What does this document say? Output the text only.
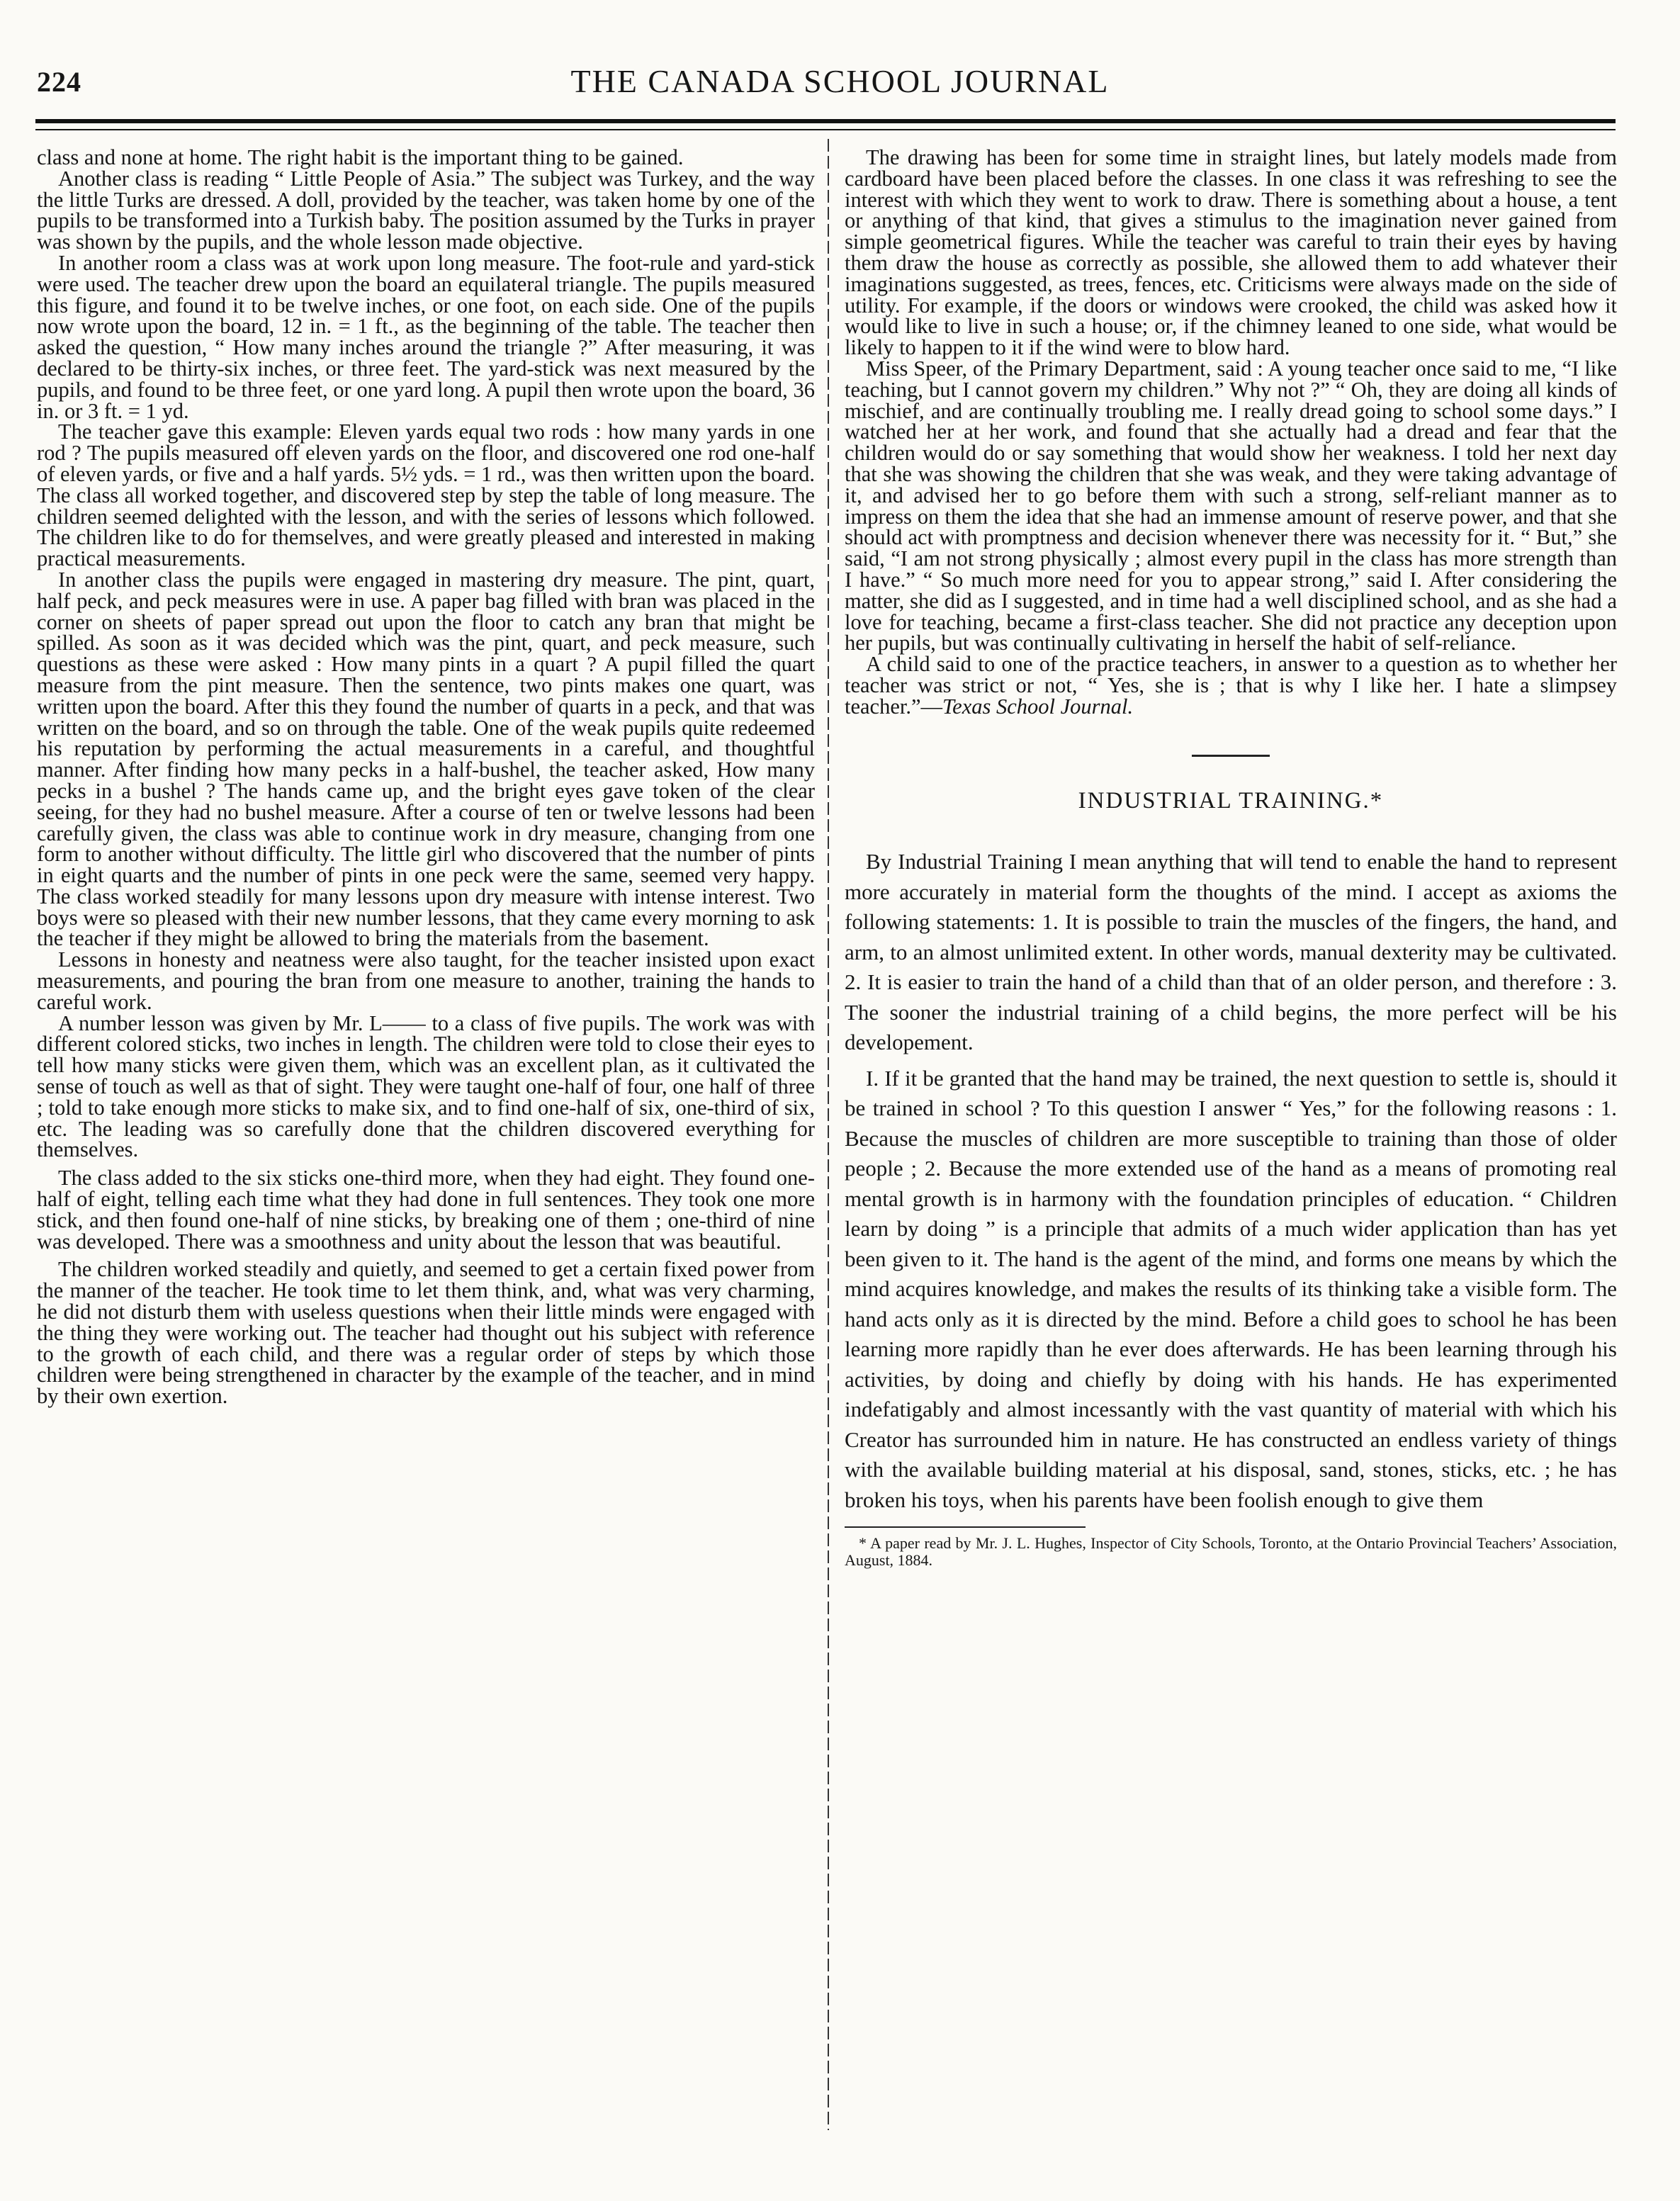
224	THE CANADA SCHOOL JOURNAL

class and none at home. The right habit is the important thing to be gained.

Another class is reading “ Little People of Asia.” The subject was Turkey, and the way the little Turks are dressed. A doll, provided by the teacher, was taken home by one of the pupils to be transformed into a Turkish baby. The position assumed by the Turks in prayer was shown by the pupils, and the whole lesson made objective.

In another room a class was at work upon long measure. The foot-rule and yard-stick were used. The teacher drew upon the board an equilateral triangle. The pupils measured this figure, and found it to be twelve inches, or one foot, on each side. One of the pupils now wrote upon the board, 12 in. = 1 ft., as the beginning of the table. The teacher then asked the question, “ How many inches around the triangle ?” After measuring, it was declared to be thirty-six inches, or three feet. The yard-stick was next measured by the pupils, and found to be three feet, or one yard long. A pupil then wrote upon the board, 36 in. or 3 ft. = 1 yd.

The teacher gave this example: Eleven yards equal two rods : how many yards in one rod ? The pupils measured off eleven yards on the floor, and discovered one rod one-half of eleven yards, or five and a half yards. 5½ yds. = 1 rd., was then written upon the board. The class all worked together, and discovered step by step the table of long measure. The children seemed delighted with the lesson, and with the series of lessons which followed. The children like to do for themselves, and were greatly pleased and interested in making practical measurements.

In another class the pupils were engaged in mastering dry measure. The pint, quart, half peck, and peck measures were in use. A paper bag filled with bran was placed in the corner on sheets of paper spread out upon the floor to catch any bran that might be spilled. As soon as it was decided which was the pint, quart, and peck measure, such questions as these were asked : How many pints in a quart ? A pupil filled the quart measure from the pint measure. Then the sentence, two pints makes one quart, was written upon the board. After this they found the number of quarts in a peck, and that was written on the board, and so on through the table. One of the weak pupils quite redeemed his reputation by performing the actual measurements in a careful, and thoughtful manner. After finding how many pecks in a half-bushel, the teacher asked, How many pecks in a bushel ? The hands came up, and the bright eyes gave token of the clear seeing, for they had no bushel measure. After a course of ten or twelve lessons had been carefully given, the class was able to continue work in dry measure, changing from one form to another without difficulty. The little girl who discovered that the number of pints in eight quarts and the number of pints in one peck were the same, seemed very happy. The class worked steadily for many lessons upon dry measure with intense interest. Two boys were so pleased with their new number lessons, that they came every morning to ask the teacher if they might be allowed to bring the materials from the basement.

Lessons in honesty and neatness were also taught, for the teacher insisted upon exact measurements, and pouring the bran from one measure to another, training the hands to careful work.

A number lesson was given by Mr. L—— to a class of five pupils. The work was with different colored sticks, two inches in length. The children were told to close their eyes to tell how many sticks were given them, which was an excellent plan, as it cultivated the sense of touch as well as that of sight. They were taught one-half of four, one half of three ; told to take enough more sticks to make six, and to find one-half of six, one-third of six, etc. The leading was so carefully done that the children discovered everything for themselves.

The class added to the six sticks one-third more, when they had eight. They found one-half of eight, telling each time what they had done in full sentences. They took one more stick, and then found one-half of nine sticks, by breaking one of them ; one-third of nine was developed. There was a smoothness and unity about the lesson that was beautiful.

The children worked steadily and quietly, and seemed to get a certain fixed power from the manner of the teacher. He took time to let them think, and, what was very charming, he did not disturb them with useless questions when their little minds were engaged with the thing they were working out. The teacher had thought out his subject with reference to the growth of each child, and there was a regular order of steps by which those children were being strengthened in character by the example of the teacher, and in mind by their own exertion.

The drawing has been for some time in straight lines, but lately models made from cardboard have been placed before the classes. In one class it was refreshing to see the interest with which they went to work to draw. There is something about a house, a tent or anything of that kind, that gives a stimulus to the imagination never gained from simple geometrical figures. While the teacher was careful to train their eyes by having them draw the house as correctly as possible, she allowed them to add whatever their imaginations suggested, as trees, fences, etc. Criticisms were always made on the side of utility. For example, if the doors or windows were crooked, the child was asked how it would like to live in such a house; or, if the chimney leaned to one side, what would be likely to happen to it if the wind were to blow hard.

Miss Speer, of the Primary Department, said : A young teacher once said to me, “I like teaching, but I cannot govern my children.” Why not ?” “ Oh, they are doing all kinds of mischief, and are continually troubling me. I really dread going to school some days.” I watched her at her work, and found that she actually had a dread and fear that the children would do or say something that would show her weakness. I told her next day that she was showing the children that she was weak, and they were taking advantage of it, and advised her to go before them with such a strong, self-reliant manner as to impress on them the idea that she had an immense amount of reserve power, and that she should act with promptness and decision whenever there was necessity for it. “ But,” she said, “I am not strong physically ; almost every pupil in the class has more strength than I have.” “ So much more need for you to appear strong,” said I. After considering the matter, she did as I suggested, and in time had a well disciplined school, and as she had a love for teaching, became a first-class teacher. She did not practice any deception upon her pupils, but was continually cultivating in herself the habit of self-reliance.

A child said to one of the practice teachers, in answer to a question as to whether her teacher was strict or not, “ Yes, she is ; that is why I like her. I hate a slimpsey teacher.”—Texas School Journal.

INDUSTRIAL TRAINING.*

By Industrial Training I mean anything that will tend to enable the hand to represent more accurately in material form the thoughts of the mind. I accept as axioms the following statements: 1. It is possible to train the muscles of the fingers, the hand, and arm, to an almost unlimited extent. In other words, manual dexterity may be cultivated. 2. It is easier to train the hand of a child than that of an older person, and therefore : 3. The sooner the industrial training of a child begins, the more perfect will be his developement.

I. If it be granted that the hand may be trained, the next question to settle is, should it be trained in school ? To this question I answer “ Yes,” for the following reasons : 1. Because the muscles of children are more susceptible to training than those of older people ; 2. Because the more extended use of the hand as a means of promoting real mental growth is in harmony with the foundation principles of education. “ Children learn by doing ” is a principle that admits of a much wider application than has yet been given to it. The hand is the agent of the mind, and forms one means by which the mind acquires knowledge, and makes the results of its thinking take a visible form. The hand acts only as it is directed by the mind. Before a child goes to school he has been learning more rapidly than he ever does afterwards. He has been learning through his activities, by doing and chiefly by doing with his hands. He has experimented indefatigably and almost incessantly with the vast quantity of material with which his Creator has surrounded him in nature. He has constructed an endless variety of things with the available building material at his disposal, sand, stones, sticks, etc. ; he has broken his toys, when his parents have been foolish enough to give them

* A paper read by Mr. J. L. Hughes, Inspector of City Schools, Toronto, at the Ontario Provincial Teachers’ Association, August, 1884.
